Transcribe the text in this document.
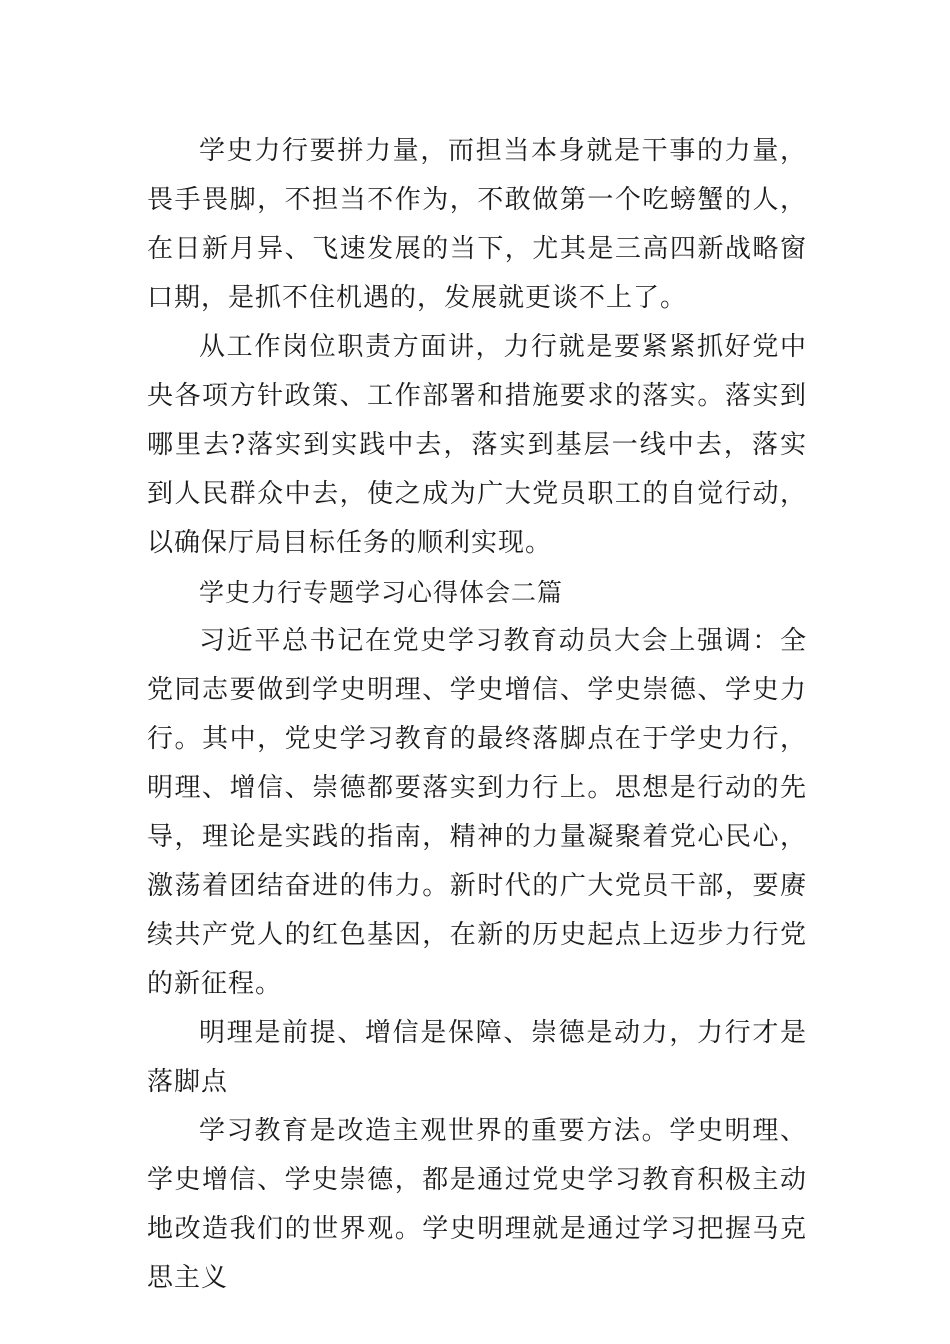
学史力行要拼力量，而担当本身就是干事的力量，畏手畏脚，不担当不作为，不敢做第一个吃螃蟹的人，在日新月异、飞速发展的当下，尤其是三高四新战略窗口期，是抓不住机遇的，发展就更谈不上了。

从工作岗位职责方面讲，力行就是要紧紧抓好党中央各项方针政策、工作部署和措施要求的落实。落实到哪里去?落实到实践中去，落实到基层一线中去，落实到人民群众中去，使之成为广大党员职工的自觉行动，以确保厅局目标任务的顺利实现。

学史力行专题学习心得体会二篇

习近平总书记在党史学习教育动员大会上强调：全党同志要做到学史明理、学史增信、学史崇德、学史力行。其中，党史学习教育的最终落脚点在于学史力行，明理、增信、崇德都要落实到力行上。思想是行动的先导，理论是实践的指南，精神的力量凝聚着党心民心，激荡着团结奋进的伟力。新时代的广大党员干部，要赓续共产党人的红色基因，在新的历史起点上迈步力行党的新征程。

明理是前提、增信是保障、崇德是动力，力行才是落脚点

学习教育是改造主观世界的重要方法。学史明理、学史增信、学史崇德，都是通过党史学习教育积极主动地改造我们的世界观。学史明理就是通过学习把握马克思主义
